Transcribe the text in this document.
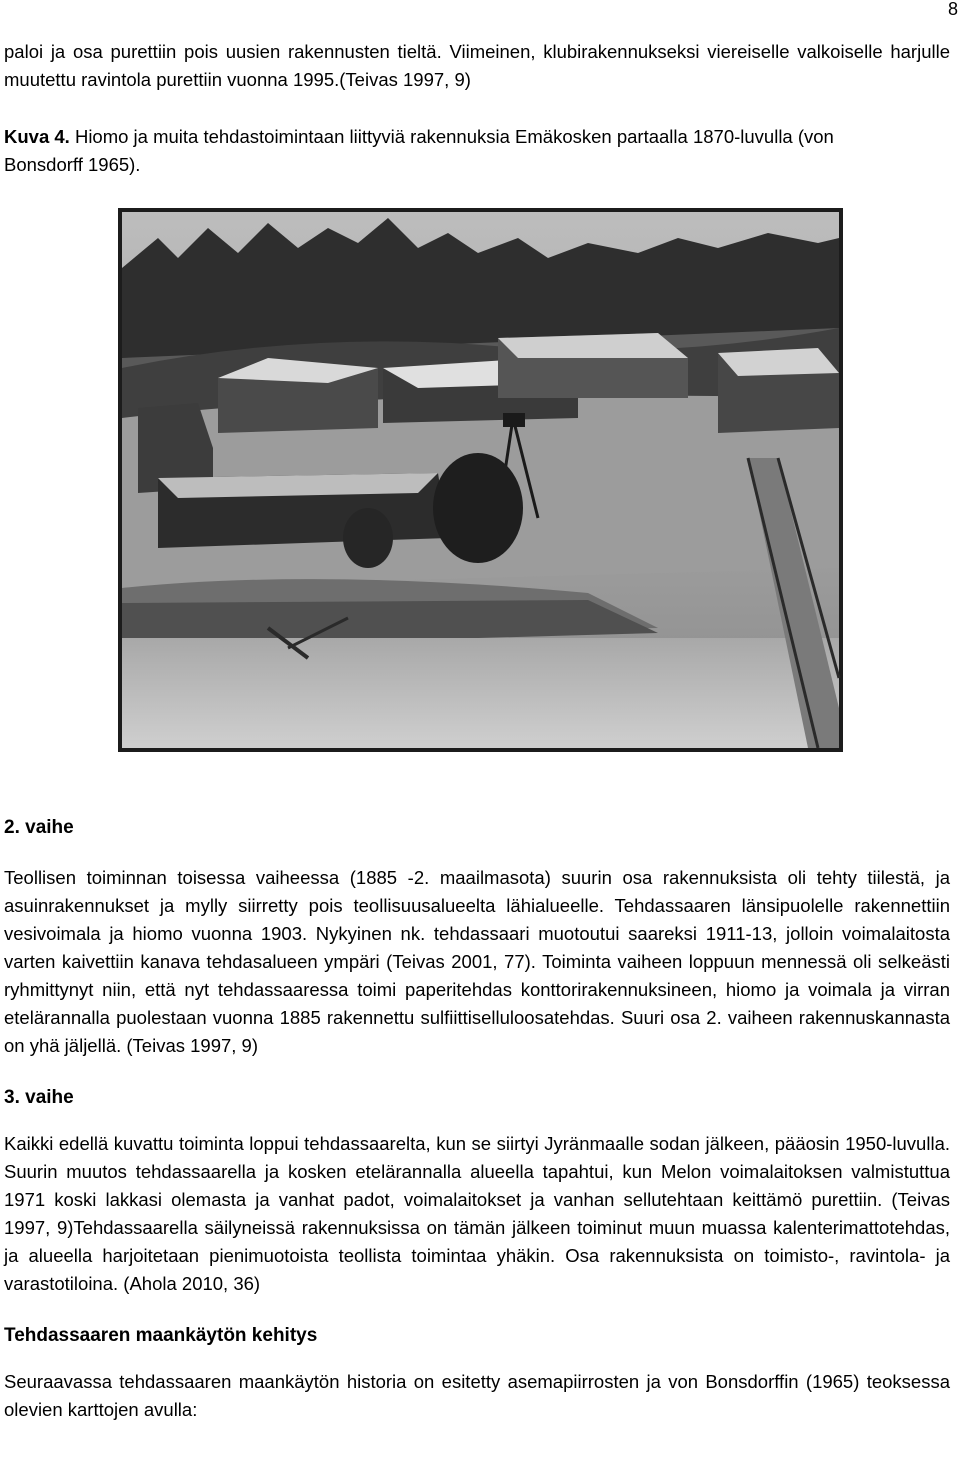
8

paloi ja osa purettiin pois uusien rakennusten tieltä. Viimeinen, klubirakennukseksi viereiselle valkoiselle harjulle muutettu ravintola purettiin vuonna 1995.(Teivas 1997, 9)

Kuva 4. Hiomo ja muita tehdastoimintaan liittyviä rakennuksia Emäkosken partaalla 1870-luvulla (von Bonsdorff 1965).

2. vaihe

Teollisen toiminnan toisessa vaiheessa (1885 -2. maailmasota) suurin osa rakennuksista oli tehty tiilestä, ja asuinrakennukset ja mylly siirretty pois teollisuusalueelta lähialueelle. Tehdassaaren länsipuolelle rakennettiin vesivoimala ja hiomo vuonna 1903. Nykyinen nk. tehdassaari muotoutui saareksi 1911-13, jolloin voimalaitosta varten kaivettiin kanava tehdasalueen ympäri (Teivas 2001, 77). Toiminta vaiheen loppuun mennessä oli selkeästi ryhmittynyt niin, että nyt tehdassaaressa toimi paperitehdas konttorirakennuksineen, hiomo ja voimala ja virran etelärannalla puolestaan vuonna 1885 rakennettu sulfiittiselluloosatehdas. Suuri osa 2. vaiheen rakennuskannasta on yhä jäljellä. (Teivas 1997, 9)

3. vaihe

Kaikki edellä kuvattu toiminta loppui tehdassaarelta, kun se siirtyi Jyränmaalle sodan jälkeen, pääosin 1950-luvulla. Suurin muutos tehdassaarella ja kosken etelärannalla alueella tapahtui, kun Melon voimalaitoksen valmistuttua 1971 koski lakkasi olemasta ja vanhat padot, voimalaitokset ja vanhan sellutehtaan keittämö purettiin. (Teivas 1997, 9)Tehdassaarella säilyneissä rakennuksissa on tämän jälkeen toiminut muun muassa kalenterimattotehdas, ja alueella harjoitetaan pienimuotoista teollista toimintaa yhäkin. Osa rakennuksista on toimisto-, ravintola- ja varastotiloina. (Ahola 2010, 36)

Tehdassaaren maankäytön kehitys

Seuraavassa tehdassaaren maankäytön historia on esitetty asemapiirrosten ja von Bonsdorffin (1965) teoksessa olevien karttojen avulla:
